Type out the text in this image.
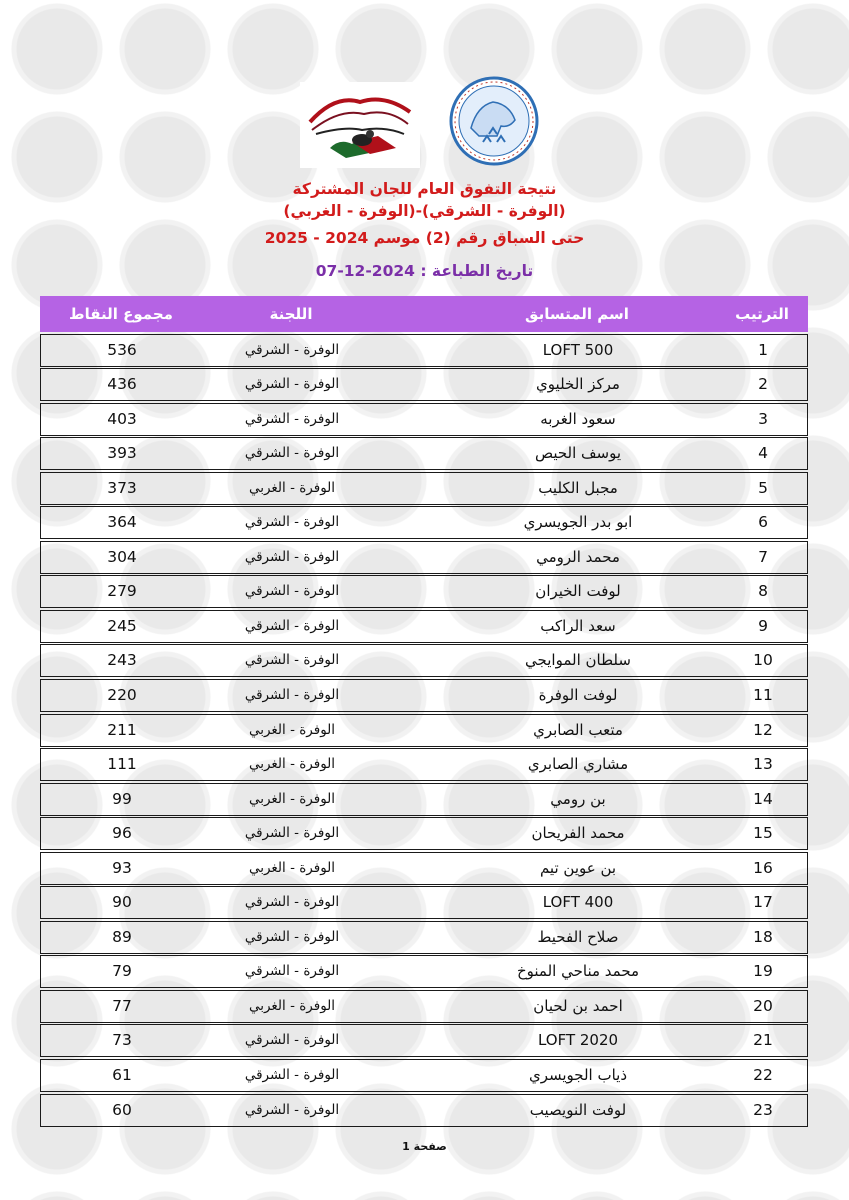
نتيجة التفوق العام للجان المشتركة
(الوفرة - الشرقي)-(الوفرة - الغربي)
حتى السباق رقم (2) موسم 2024 - 2025
تاريخ الطباعة : 2024-12-07
الترتيب
اسم المتسابق
اللجنة
مجموع النقاط
1
LOFT 500
الوفرة - الشرقي
536
2
مركز الخليوي
الوفرة - الشرقي
436
3
سعود الغربه
الوفرة - الشرقي
403
4
يوسف الحيص
الوفرة - الشرقي
393
5
مجبل الكليب
الوفرة - الغربي
373
6
ابو بدر الجويسري
الوفرة - الشرقي
364
7
محمد الرومي
الوفرة - الشرقي
304
8
لوفت الخيران
الوفرة - الشرقي
279
9
سعد الراكب
الوفرة - الشرقي
245
10
سلطان الموايجي
الوفرة - الشرقي
243
11
لوفت الوفرة
الوفرة - الشرقي
220
12
متعب الصابري
الوفرة - الغربي
211
13
مشاري الصابري
الوفرة - الغربي
111
14
بن رومي
الوفرة - الغربي
99
15
محمد الفريحان
الوفرة - الشرقي
96
16
بن عوين تيم
الوفرة - الغربي
93
17
LOFT 400
الوفرة - الشرقي
90
18
صلاح الفحيط
الوفرة - الشرقي
89
19
محمد مناحي المنوخ
الوفرة - الشرقي
79
20
احمد بن لحيان
الوفرة - الغربي
77
21
LOFT 2020
الوفرة - الشرقي
73
22
ذياب الجويسري
الوفرة - الشرقي
61
23
لوفت النويصيب
الوفرة - الشرقي
60
صفحة 1
